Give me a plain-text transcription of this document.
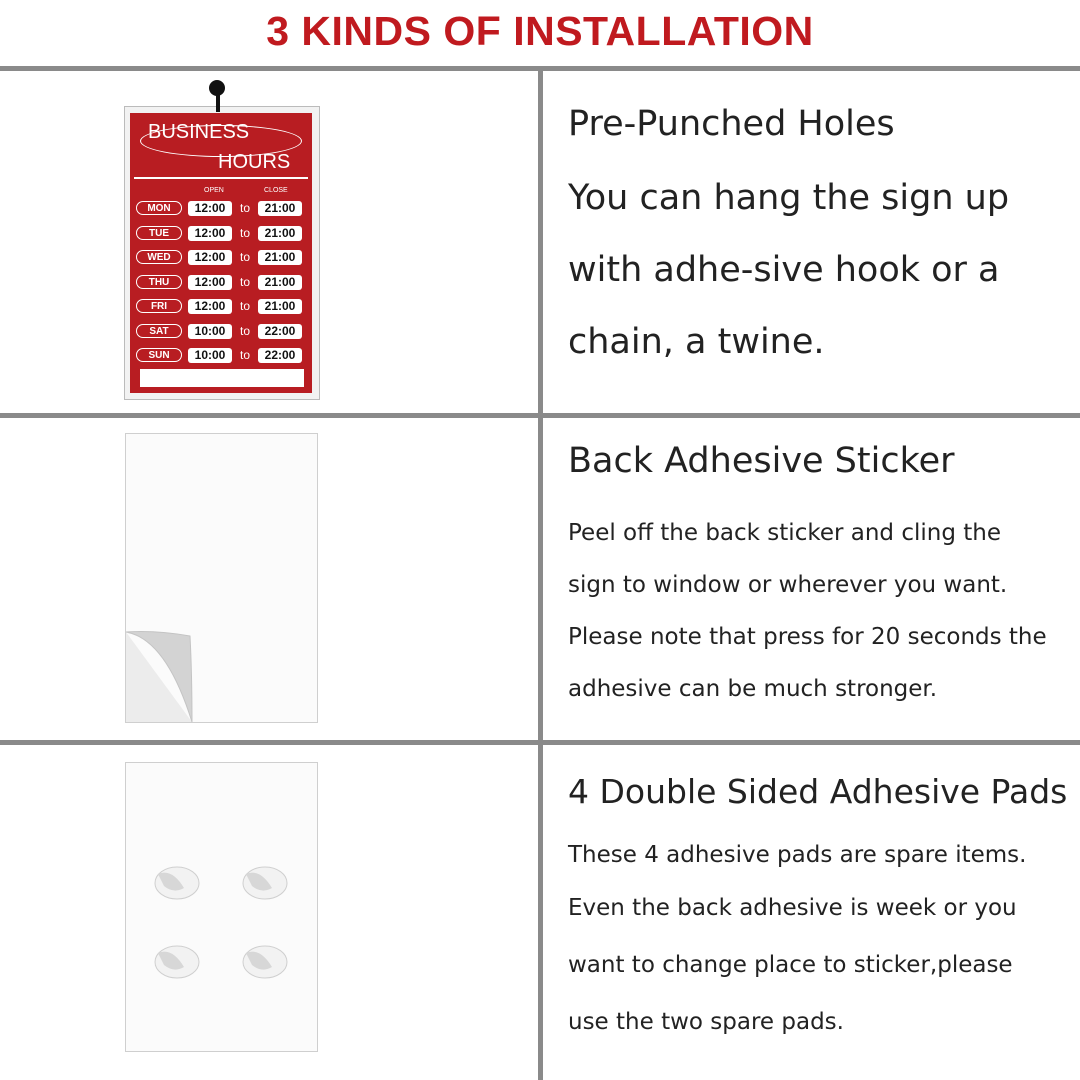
3 KINDS OF INSTALLATION
BUSINESS
HOURS
OPEN	CLOSE
MON	12:00	to	21:00
TUE	12:00	to	21:00
WED	12:00	to	21:00
THU	12:00	to	21:00
FRI	12:00	to	21:00
SAT	10:00	to	22:00
SUN	10:00	to	22:00
Pre-Punched Holes
You can hang the sign up
with adhe-sive hook or a
chain, a twine.
Back Adhesive Sticker
Peel off the back sticker and cling the
sign to window or wherever you want.
Please note that press for 20 seconds the
adhesive can be much stronger.
4 Double Sided Adhesive Pads
These 4 adhesive pads are spare items.
Even the back adhesive is week or you
want to change place to sticker,please
use the two spare pads.
